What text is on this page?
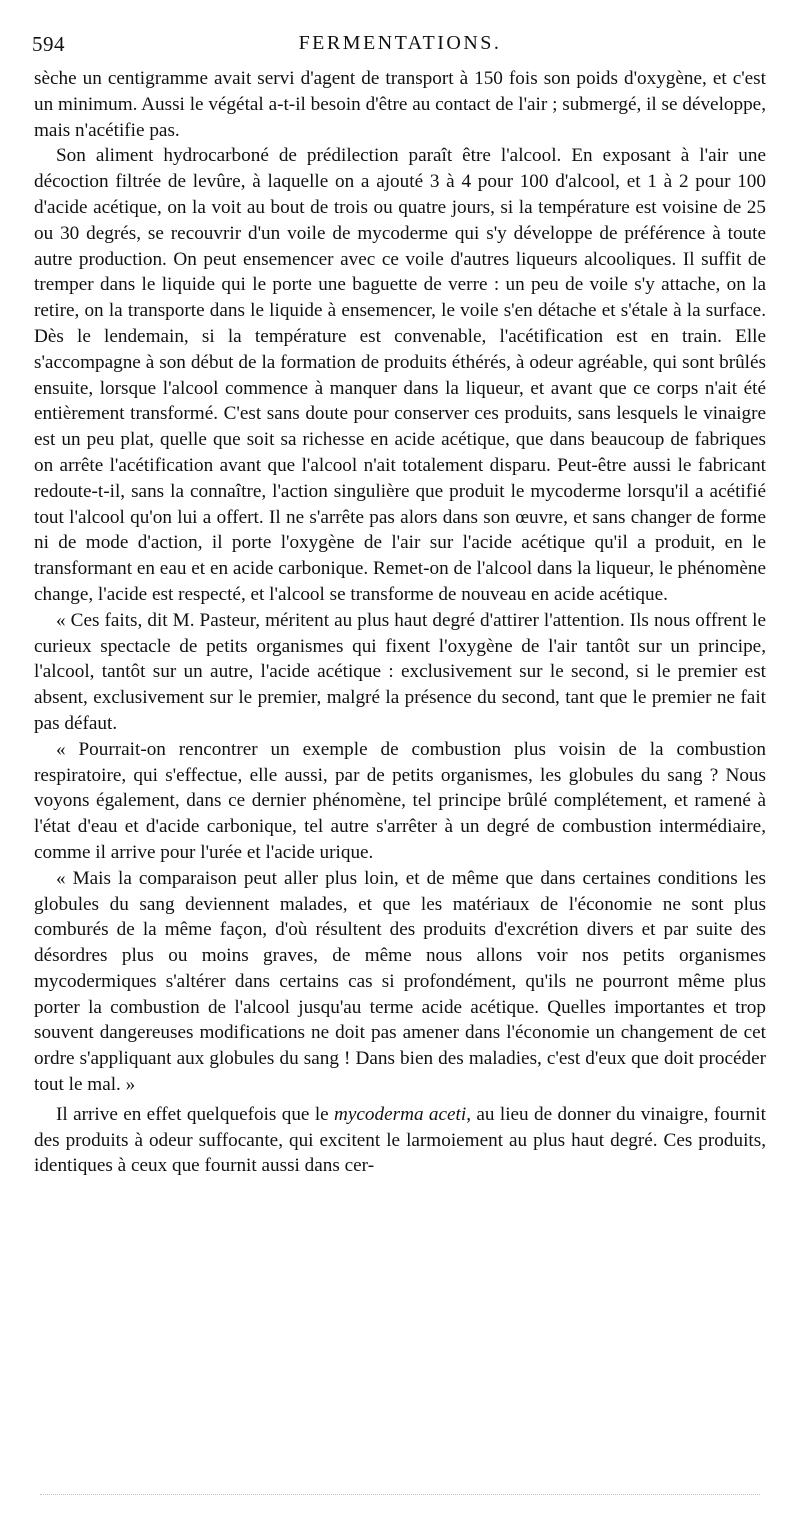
594	FERMENTATIONS.

sèche un centigramme avait servi d'agent de transport à 150 fois son poids d'oxygène, et c'est un minimum. Aussi le végétal a-t-il besoin d'être au contact de l'air ; submergé, il se développe, mais n'acétifie pas.

Son aliment hydrocarboné de prédilection paraît être l'alcool. En exposant à l'air une décoction filtrée de levûre, à laquelle on a ajouté 3 à 4 pour 100 d'alcool, et 1 à 2 pour 100 d'acide acétique, on la voit au bout de trois ou quatre jours, si la température est voisine de 25 ou 30 degrés, se recouvrir d'un voile de mycoderme qui s'y développe de préférence à toute autre production. On peut ensemencer avec ce voile d'autres liqueurs alcooliques. Il suffit de tremper dans le liquide qui le porte une baguette de verre : un peu de voile s'y attache, on la retire, on la transporte dans le liquide à ensemencer, le voile s'en détache et s'étale à la surface. Dès le lendemain, si la température est convenable, l'acétification est en train. Elle s'accompagne à son début de la formation de produits éthérés, à odeur agréable, qui sont brûlés ensuite, lorsque l'alcool commence à manquer dans la liqueur, et avant que ce corps n'ait été entièrement transformé. C'est sans doute pour conserver ces produits, sans lesquels le vinaigre est un peu plat, quelle que soit sa richesse en acide acétique, que dans beaucoup de fabriques on arrête l'acétification avant que l'alcool n'ait totalement disparu. Peut-être aussi le fabricant redoute-t-il, sans la connaître, l'action singulière que produit le mycoderme lorsqu'il a acétifié tout l'alcool qu'on lui a offert. Il ne s'arrête pas alors dans son œuvre, et sans changer de forme ni de mode d'action, il porte l'oxygène de l'air sur l'acide acétique qu'il a produit, en le transformant en eau et en acide carbonique. Remet-on de l'alcool dans la liqueur, le phénomène change, l'acide est respecté, et l'alcool se transforme de nouveau en acide acétique.

« Ces faits, dit M. Pasteur, méritent au plus haut degré d'attirer l'attention. Ils nous offrent le curieux spectacle de petits organismes qui fixent l'oxygène de l'air tantôt sur un principe, l'alcool, tantôt sur un autre, l'acide acétique : exclusivement sur le second, si le premier est absent, exclusivement sur le premier, malgré la présence du second, tant que le premier ne fait pas défaut.

« Pourrait-on rencontrer un exemple de combustion plus voisin de la combustion respiratoire, qui s'effectue, elle aussi, par de petits organismes, les globules du sang ? Nous voyons également, dans ce dernier phénomène, tel principe brûlé complétement, et ramené à l'état d'eau et d'acide carbonique, tel autre s'arrêter à un degré de combustion intermédiaire, comme il arrive pour l'urée et l'acide urique.

« Mais la comparaison peut aller plus loin, et de même que dans certaines conditions les globules du sang deviennent malades, et que les matériaux de l'économie ne sont plus comburés de la même façon, d'où résultent des produits d'excrétion divers et par suite des désordres plus ou moins graves, de même nous allons voir nos petits organismes mycodermiques s'altérer dans certains cas si profondément, qu'ils ne pourront même plus porter la combustion de l'alcool jusqu'au terme acide acétique. Quelles importantes et trop souvent dangereuses modifications ne doit pas amener dans l'économie un changement de cet ordre s'appliquant aux globules du sang ! Dans bien des maladies, c'est d'eux que doit procéder tout le mal. »

Il arrive en effet quelquefois que le mycoderma aceti, au lieu de donner du vinaigre, fournit des produits à odeur suffocante, qui excitent le larmoiement au plus haut degré. Ces produits, identiques à ceux que fournit aussi dans cer-
